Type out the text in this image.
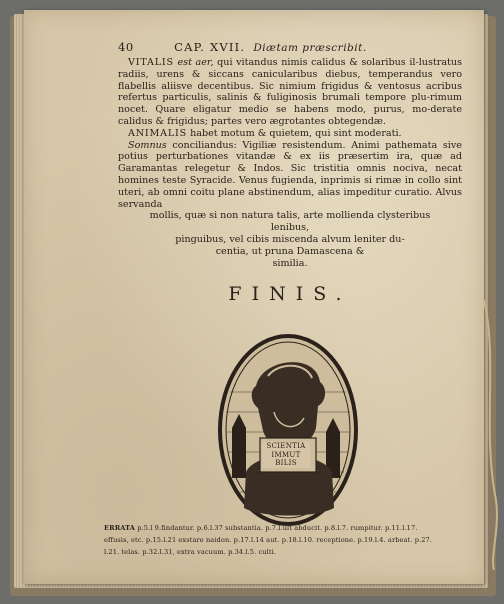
40	CAP. XVII. Diætam præscribit.

VITALIS est aer, qui vitandus nimis calidus & solaribus il-lustratus radiis, urens & siccans canicularibus diebus, temperandus vero flabellis aliisve decentibus. Sic nimium frigidus & ventosus acribus refertus particulis, salinis & fuliginosis brumali tempore plu-rimum nocet. Quare eligatur medio se habens modo, purus, mo-derate calidus & frigidus; partes vero ægrotantes obtegendæ.

ANIMALIS habet motum & quietem, qui sint moderati.

Somnus conciliandus: Vigiliæ resistendum. Animi pathemata sive potius perturbationes vitandæ & ex iis præsertim ira, quæ ad Garamantas relegetur & Indos. Sic tristitia omnis nociva, necat homines teste Syracide. Venus fugienda, inprimis si rimæ in collo sint uteri, ab omni coitu plane abstinendum, alias impeditur curatio. Alvus servanda

mollis, quæ si non natura talis, arte mollienda clysteribus lenibus,

pinguibus, vel cibis miscenda alvum leniter du-

centia, ut pruna Damascena &

similia.

FINIS.
SCIENTIA
IMMUT
BILIS
ERRATA p.5.l 9.findantur. p.6.l.37 substantia. p.7.l.ult abducit. p.8.l.7. rumpitur. p.11.l.17.
effusis, etc. p.15.l.21 exstare naidon. p.17.l.14 aut. p.18.l.10. receptione. p.19.l.4. arbeat. p.27.
l.21. telas. p.32.l.31, extra vacuum. p.34.l.5. culti.
